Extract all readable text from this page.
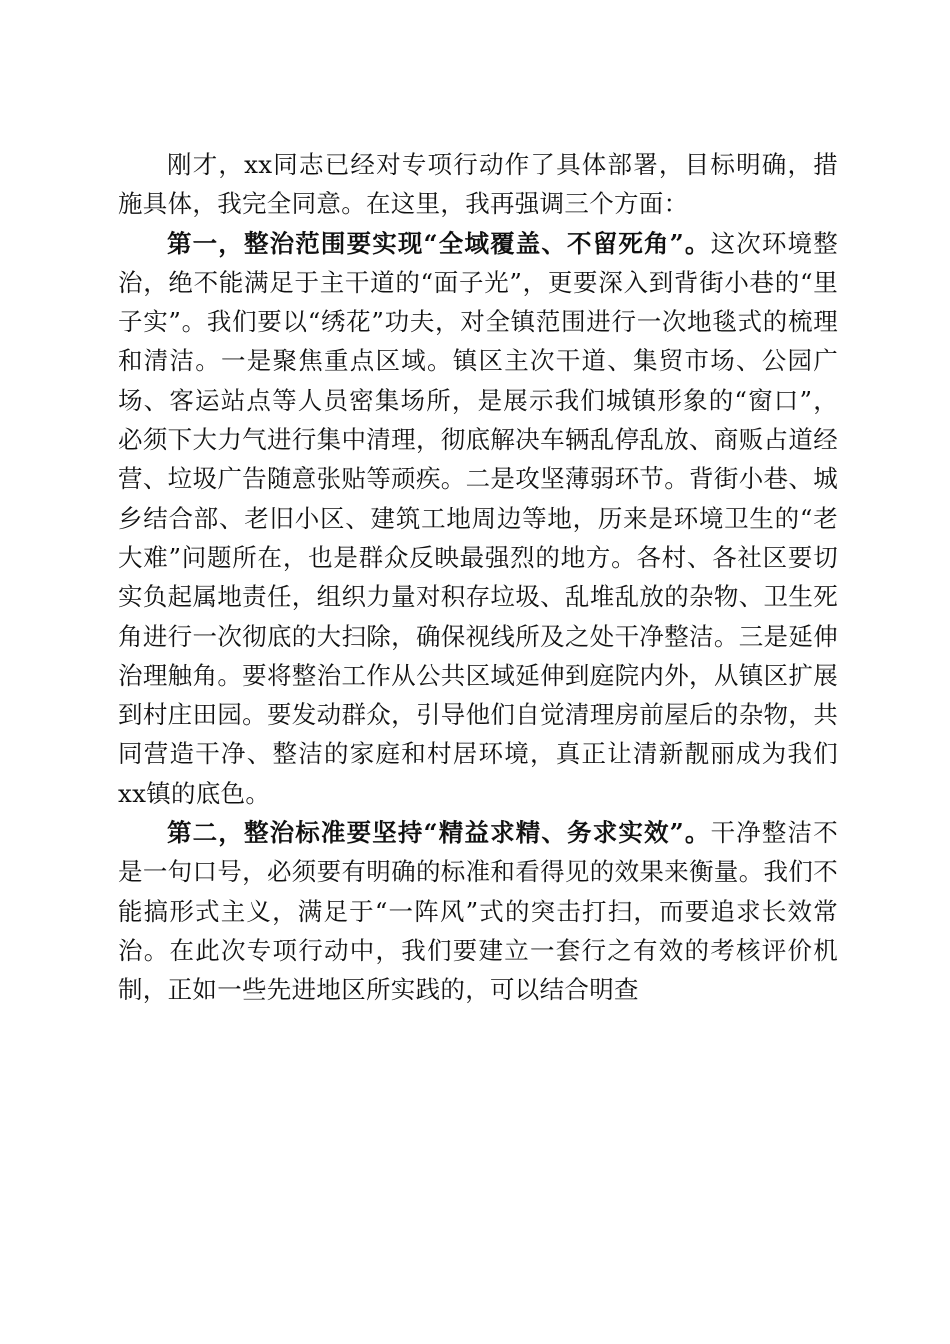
刚才，xx同志已经对专项行动作了具体部署，目标明确，措施具体，我完全同意。在这里，我再强调三个方面：

第一，整治范围要实现“全域覆盖、不留死角”。这次环境整治，绝不能满足于主干道的“面子光”，更要深入到背街小巷的“里子实”。我们要以“绣花”功夫，对全镇范围进行一次地毯式的梳理和清洁。一是聚焦重点区域。镇区主次干道、集贸市场、公园广场、客运站点等人员密集场所，是展示我们城镇形象的“窗口”，必须下大力气进行集中清理，彻底解决车辆乱停乱放、商贩占道经营、垃圾广告随意张贴等顽疾。二是攻坚薄弱环节。背街小巷、城乡结合部、老旧小区、建筑工地周边等地，历来是环境卫生的“老大难”问题所在，也是群众反映最强烈的地方。各村、各社区要切实负起属地责任，组织力量对积存垃圾、乱堆乱放的杂物、卫生死角进行一次彻底的大扫除，确保视线所及之处干净整洁。三是延伸治理触角。要将整治工作从公共区域延伸到庭院内外，从镇区扩展到村庄田园。要发动群众，引导他们自觉清理房前屋后的杂物，共同营造干净、整洁的家庭和村居环境，真正让清新靓丽成为我们xx镇的底色。

第二，整治标准要坚持“精益求精、务求实效”。干净整洁不是一句口号，必须要有明确的标准和看得见的效果来衡量。我们不能搞形式主义，满足于“一阵风”式的突击打扫，而要追求长效常治。在此次专项行动中，我们要建立一套行之有效的考核评价机制，正如一些先进地区所实践的，可以结合明查
